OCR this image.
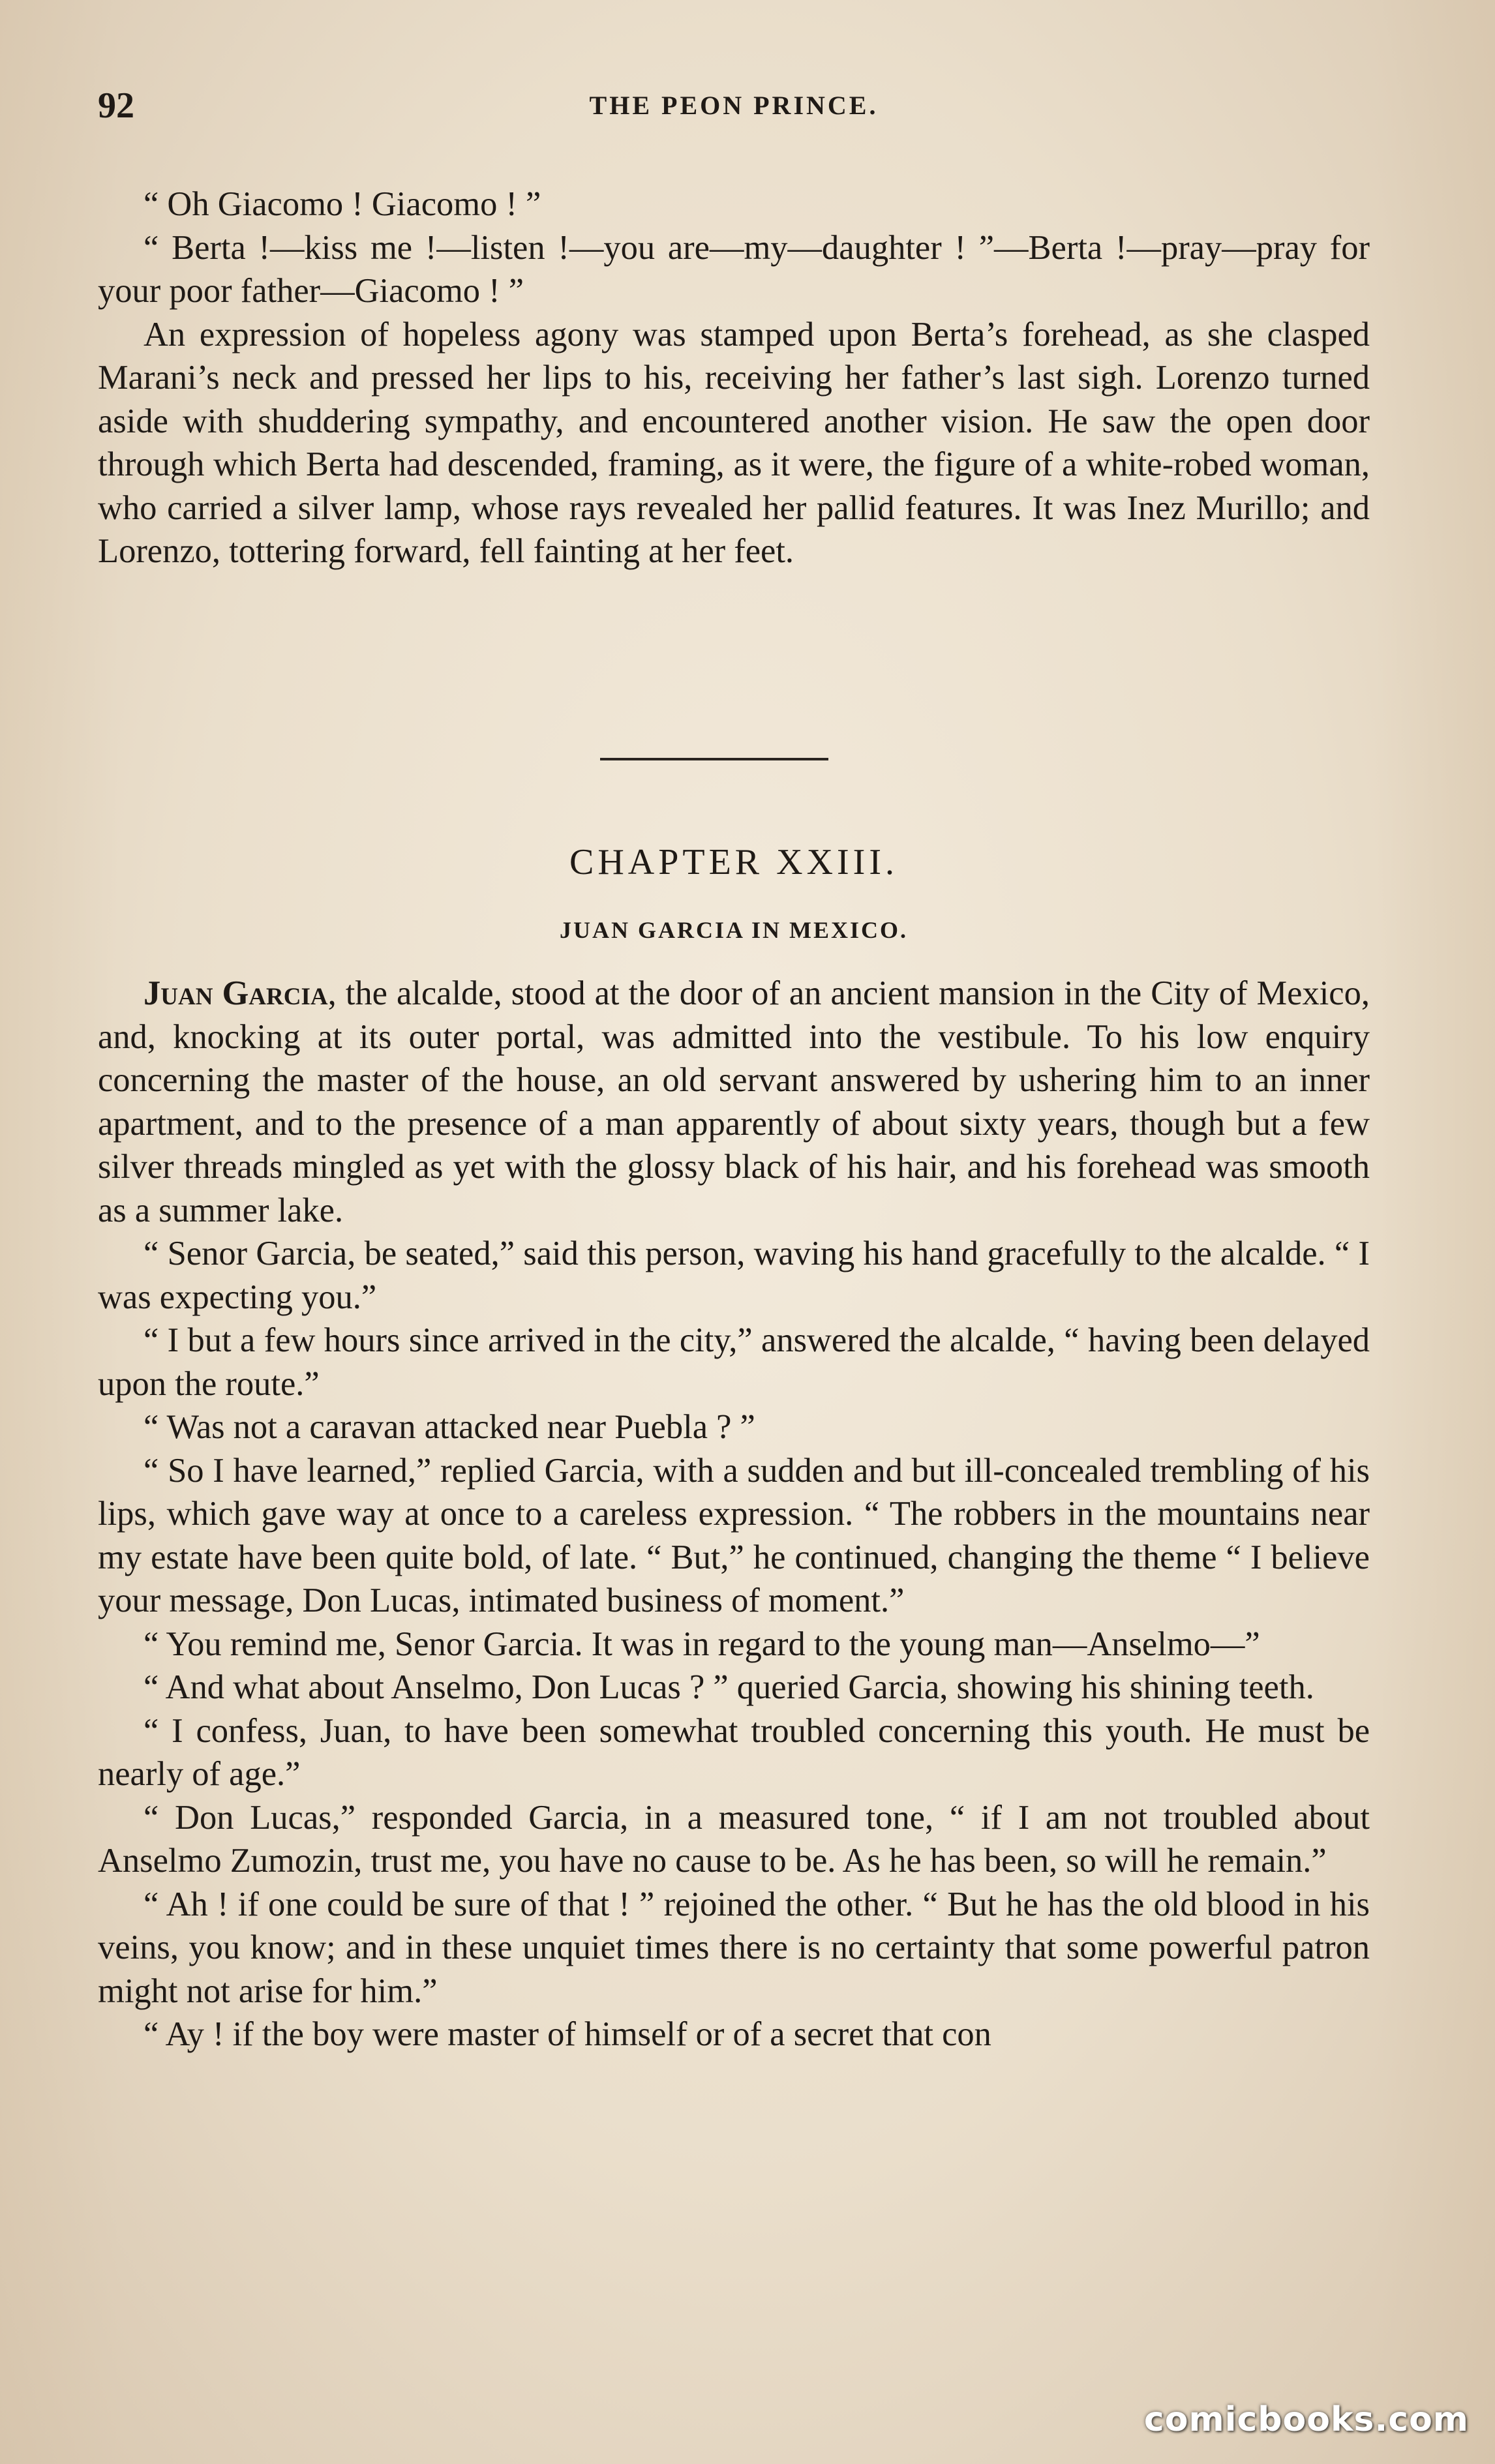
92	THE PEON PRINCE.

“ Oh Giacomo ! Giacomo ! ”

“ Berta !—kiss me !—listen !—you are—my—daughter ! ”—Berta !—pray—pray for your poor father—Giacomo ! ”

An expression of hopeless agony was stamped upon Berta’s forehead, as she clasped Marani’s neck and pressed her lips to his, receiving her father’s last sigh. Lorenzo turned aside with shuddering sympathy, and encountered another vision. He saw the open door through which Berta had descended, framing, as it were, the figure of a white-robed woman, who carried a silver lamp, whose rays revealed her pallid features. It was Inez Murillo; and Lorenzo, tottering forward, fell fainting at her feet.

CHAPTER XXIII.
JUAN GARCIA IN MEXICO.

Juan Garcia, the alcalde, stood at the door of an ancient mansion in the City of Mexico, and, knocking at its outer portal, was admitted into the vestibule. To his low enquiry concerning the master of the house, an old servant answered by ushering him to an inner apartment, and to the presence of a man apparently of about sixty years, though but a few silver threads mingled as yet with the glossy black of his hair, and his forehead was smooth as a summer lake.

“ Senor Garcia, be seated,” said this person, waving his hand gracefully to the alcalde. “ I was expecting you.”

“ I but a few hours since arrived in the city,” answered the alcalde, “ having been delayed upon the route.”

“ Was not a caravan attacked near Puebla ? ”

“ So I have learned,” replied Garcia, with a sudden and but ill-concealed trembling of his lips, which gave way at once to a careless expression. “ The robbers in the mountains near my estate have been quite bold, of late. “ But,” he continued, changing the theme “ I believe your message, Don Lucas, intimated business of moment.”

“ You remind me, Senor Garcia. It was in regard to the young man—Anselmo—”

“ And what about Anselmo, Don Lucas ? ” queried Garcia, showing his shining teeth.

“ I confess, Juan, to have been somewhat troubled concerning this youth. He must be nearly of age.”

“ Don Lucas,” responded Garcia, in a measured tone, “ if I am not troubled about Anselmo Zumozin, trust me, you have no cause to be. As he has been, so will he remain.”

“ Ah ! if one could be sure of that ! ” rejoined the other. “ But he has the old blood in his veins, you know; and in these unquiet times there is no certainty that some powerful patron might not arise for him.”

“ Ay ! if the boy were master of himself or of a secret that con

comicbooks.com
